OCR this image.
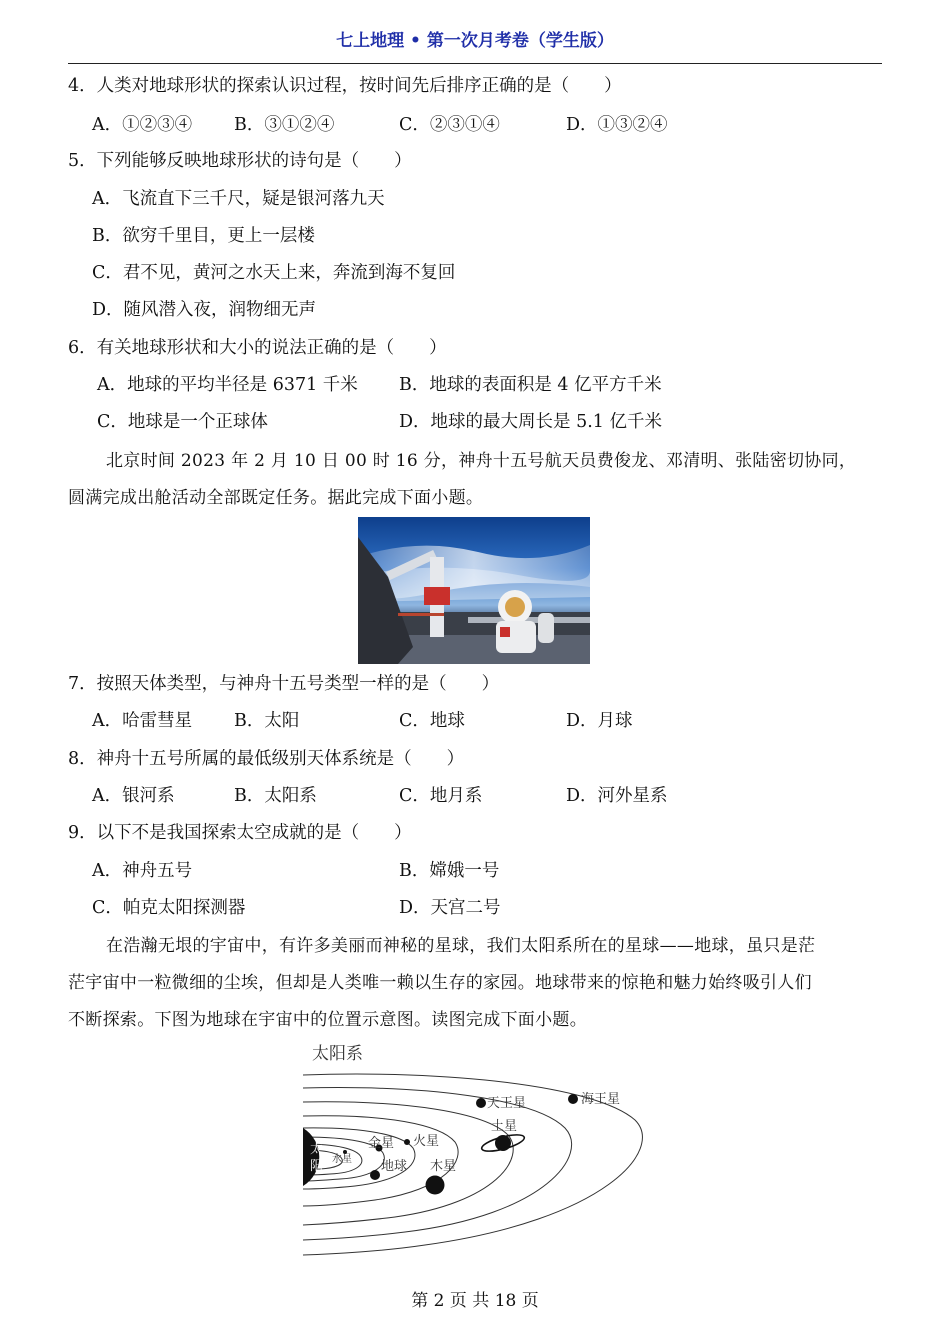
七上地理 • 第一次月考卷（学生版）
4．人类对地球形状的探索认识过程，按时间先后排序正确的是（　　）
A．①②③④ B．③①②④	C．②③①④	D．①③②④
5．下列能够反映地球形状的诗句是（　　）
A．飞流直下三千尺，疑是银河落九天
B．欲穷千里目，更上一层楼
C．君不见，黄河之水天上来，奔流到海不复回
D．随风潜入夜，润物细无声
6．有关地球形状和大小的说法正确的是（　　）
A．地球的平均半径是 6371 千米 B．地球的表面积是 4 亿平方千米
C．地球是一个正球体	D．地球的最大周长是 5.1 亿千米
北京时间 2023 年 2 月 10 日 00 时 16 分，神舟十五号航天员费俊龙、邓清明、张陆密切协同，
圆满完成出舱活动全部既定任务。据此完成下面小题。
7．按照天体类型，与神舟十五号类型一样的是（　　）
A．哈雷彗星 B．太阳	C．地球	D．月球
8．神舟十五号所属的最低级别天体系统是（　　）
A．银河系	B．太阳系	C．地月系	D．河外星系
9．以下不是我国探索太空成就的是（　　）
A．神舟五号	B．嫦娥一号
C．帕克太阳探测器	D．天宫二号
在浩瀚无垠的宇宙中，有许多美丽而神秘的星球，我们太阳系所在的星球——地球，虽只是茫
茫宇宙中一粒微细的尘埃，但却是人类唯一赖以生存的家园。地球带来的惊艳和魅力始终吸引人们
不断探索。下图为地球在宇宙中的位置示意图。读图完成下面小题。
太阳系
太
阳 水星
金星
地球
火星
木星
土星
天王星	海王星
第 2 页 共 18 页
